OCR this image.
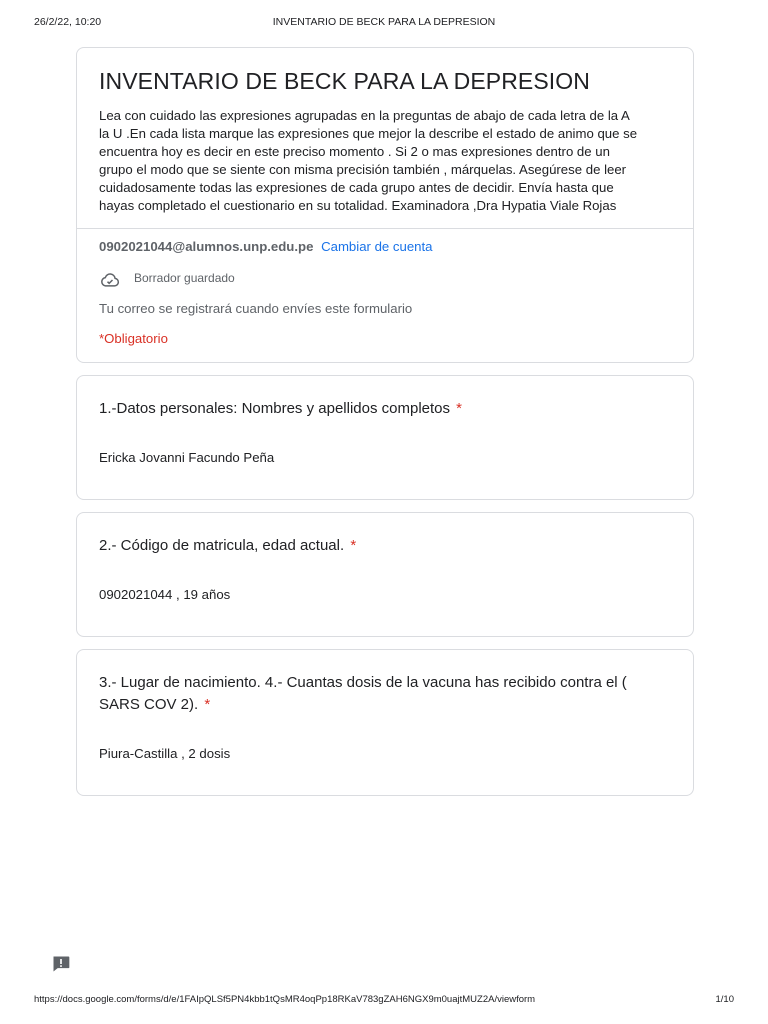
26/2/22, 10:20	INVENTARIO DE BECK PARA LA DEPRESION
INVENTARIO DE BECK PARA LA DEPRESION
Lea con cuidado las expresiones agrupadas en la preguntas de abajo de cada letra de la A
la U .En cada lista marque las expresiones que mejor la describe el estado de animo que se
encuentra hoy es decir en este preciso momento . Si 2 o mas expresiones dentro de un
grupo el modo que se siente con misma precisión también , márquelas. Asegúrese de leer
cuidadosamente todas las expresiones de cada grupo antes de decidir. Envía hasta que
hayas completado el cuestionario en su totalidad. Examinadora ,Dra Hypatia Viale Rojas
0902021044@alumnos.unp.edu.pe Cambiar de cuenta
Borrador guardado
Tu correo se registrará cuando envíes este formulario
*Obligatorio
1.-Datos personales: Nombres y apellidos completos *
Ericka Jovanni Facundo Peña
2.- Código de matricula, edad actual. *
0902021044 , 19 años
3.- Lugar de nacimiento. 4.- Cuantas dosis de la vacuna has recibido contra el (
SARS COV 2). *
Piura-Castilla , 2 dosis
https://docs.google.com/forms/d/e/1FAIpQLSf5PN4kbb1tQsMR4oqPp18RKaV783gZAH6NGX9m0uajtMUZ2A/viewform	1/10
